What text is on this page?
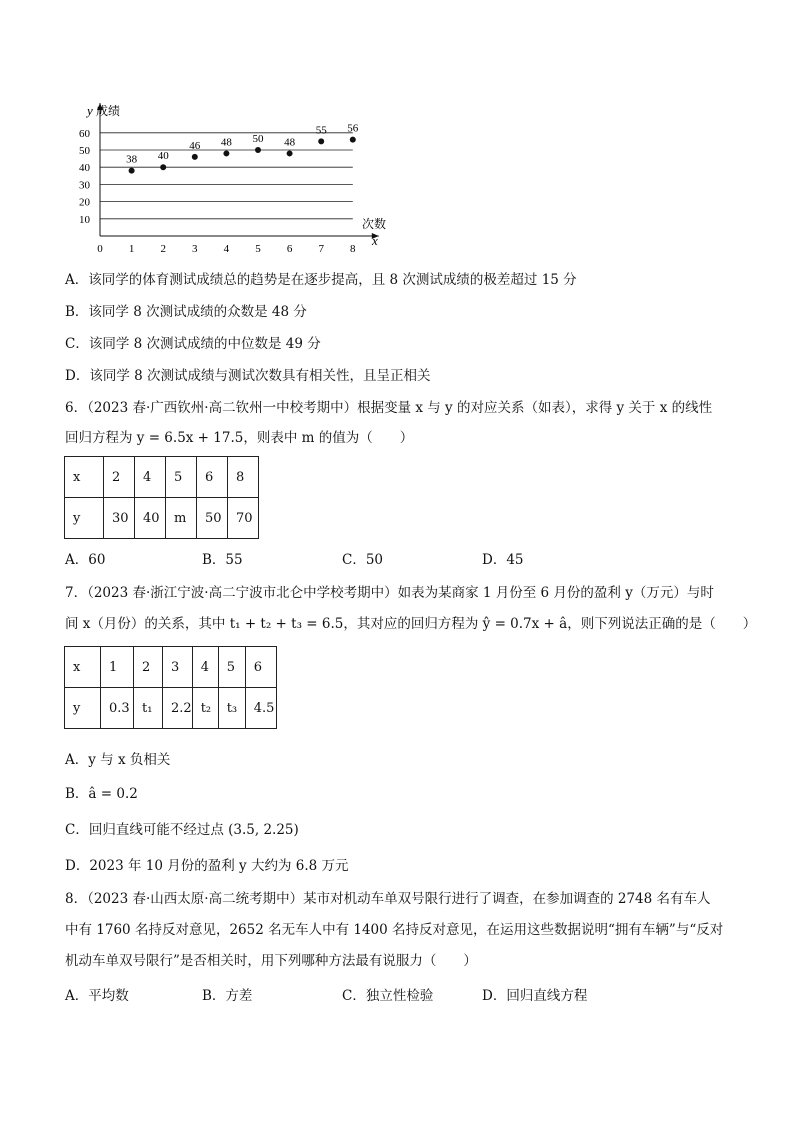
0 1 2 3 4 5 6 7 8
10
20
30
40
50
60
38 40
46 48 50 48
55 56
y 成绩
次数
x
A．该同学的体育测试成绩总的趋势是在逐步提高，且 8 次测试成绩的极差超过 15 分
B．该同学 8 次测试成绩的众数是 48 分
C．该同学 8 次测试成绩的中位数是 49 分
D．该同学 8 次测试成绩与测试次数具有相关性，且呈正相关
6．（2023 春·广西钦州·高二钦州一中校考期中）根据变量 x 与 y 的对应关系（如表），求得 y 关于 x 的线性
回归方程为 y = 6.5x + 17.5，则表中 m 的值为（　　）
x	2	4	5	6	8
y	30	40	m	50	70
A．60	B．55	C．50	D．45
7．（2023 春·浙江宁波·高二宁波市北仑中学校考期中）如表为某商家 1 月份至 6 月份的盈利 y（万元）与时
间 x（月份）的关系，其中 t₁ + t₂ + t₃ = 6.5，其对应的回归方程为 ŷ = 0.7x + â，则下列说法正确的是（　　）
x	1	2	3	4	5	6
y	0.3	t₁	2.2	t₂	t₃	4.5
A．y 与 x 负相关
B．â = 0.2
C．回归直线可能不经过点 (3.5, 2.25)
D．2023 年 10 月份的盈利 y 大约为 6.8 万元
8．（2023 春·山西太原·高二统考期中）某市对机动车单双号限行进行了调查，在参加调查的 2748 名有车人
中有 1760 名持反对意见，2652 名无车人中有 1400 名持反对意见，在运用这些数据说明“拥有车辆”与“反对
机动车单双号限行”是否相关时，用下列哪种方法最有说服力（　　）
A．平均数	B．方差	C．独立性检验	D．回归直线方程
